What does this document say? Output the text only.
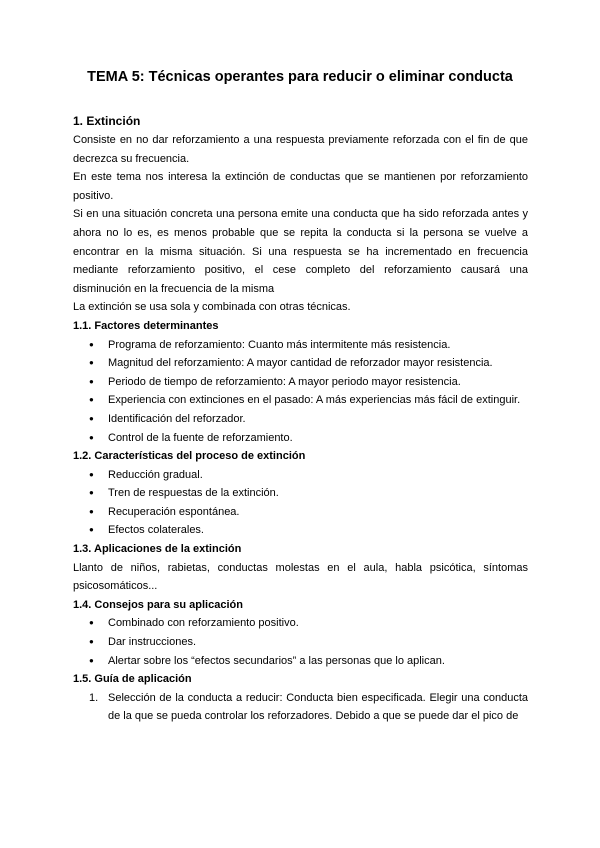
TEMA 5: Técnicas operantes para reducir o eliminar conducta
1. Extinción

Consiste en no dar reforzamiento a una respuesta previamente reforzada con el fin de que decrezca su frecuencia.

En este tema nos interesa la extinción de conductas que se mantienen por reforzamiento positivo.

Si en una situación concreta una persona emite una conducta que ha sido reforzada antes y ahora no lo es, es menos probable que se repita la conducta si la persona se vuelve a encontrar en la misma situación. Si una respuesta se ha incrementado en frecuencia mediante reforzamiento positivo, el cese completo del reforzamiento causará una disminución en la frecuencia de la misma

La extinción se usa sola y combinada con otras técnicas.

1.1. Factores determinantes
● Programa de reforzamiento: Cuanto más intermitente más resistencia.
● Magnitud del reforzamiento: A mayor cantidad de reforzador mayor resistencia.
● Periodo de tiempo de reforzamiento: A mayor periodo mayor resistencia.
● Experiencia con extinciones en el pasado: A más experiencias más fácil de extinguir.
● Identificación del reforzador.
● Control de la fuente de reforzamiento.
1.2. Características del proceso de extinción
● Reducción gradual.
● Tren de respuestas de la extinción.
● Recuperación espontánea.
● Efectos colaterales.
1.3. Aplicaciones de la extinción

Llanto de niños, rabietas, conductas molestas en el aula, habla psicótica, síntomas psicosomáticos...

1.4. Consejos para su aplicación
● Combinado con reforzamiento positivo.
● Dar instrucciones.
● Alertar sobre los “efectos secundarios” a las personas que lo aplican.
1.5. Guía de aplicación
1. Selección de la conducta a reducir: Conducta bien especificada. Elegir una conducta de la que se pueda controlar los reforzadores. Debido a que se puede dar el pico de
